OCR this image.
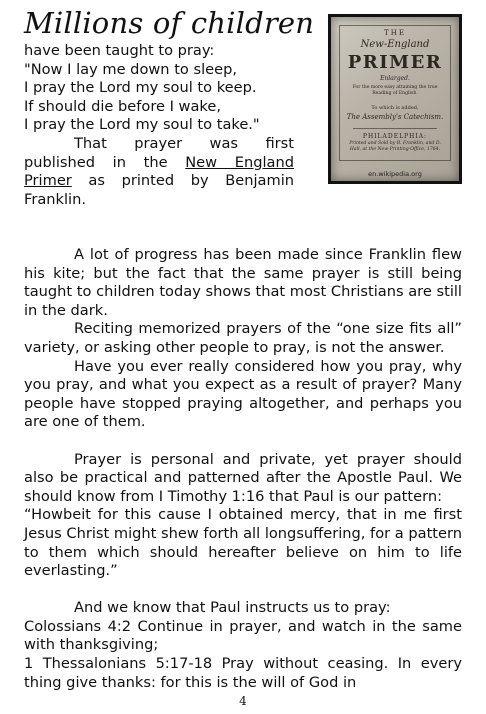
Millions of children
have been taught to pray:
"Now I lay me down to sleep,
I pray the Lord my soul to keep.
If should die before I wake,
I pray the Lord my soul to take."
That prayer was first published in the New England Primer as printed by Benjamin Franklin.
THE
New-England
PRIMER
Enlarged.
For the more easy attaining the true Reading of English.
To which is added,
The Assembly's Catechism.
PHILADELPHIA:
Printed and Sold by B. Franklin, and D. Hall, at the New-Printing-Office, 1764.
en.wikipedia.org

A lot of progress has been made since Franklin flew his kite; but the fact that the same prayer is still being taught to children today shows that most Christians are still in the dark.

Reciting memorized prayers of the “one size fits all” variety, or asking other people to pray, is not the answer.

Have you ever really considered how you pray, why you pray, and what you expect as a result of prayer? Many people have stopped praying altogether, and perhaps you are one of them.

Prayer is personal and private, yet prayer should also be practical and patterned after the Apostle Paul. We should know from I Timothy 1:16 that Paul is our pattern:

“Howbeit for this cause I obtained mercy, that in me first Jesus Christ might shew forth all longsuffering, for a pattern to them which should hereafter believe on him to life everlasting.”

And we know that Paul instructs us to pray:

Colossians 4:2 Continue in prayer, and watch in the same with thanksgiving;

1 Thessalonians 5:17-18 Pray without ceasing. In every thing give thanks: for this is the will of God in

4
